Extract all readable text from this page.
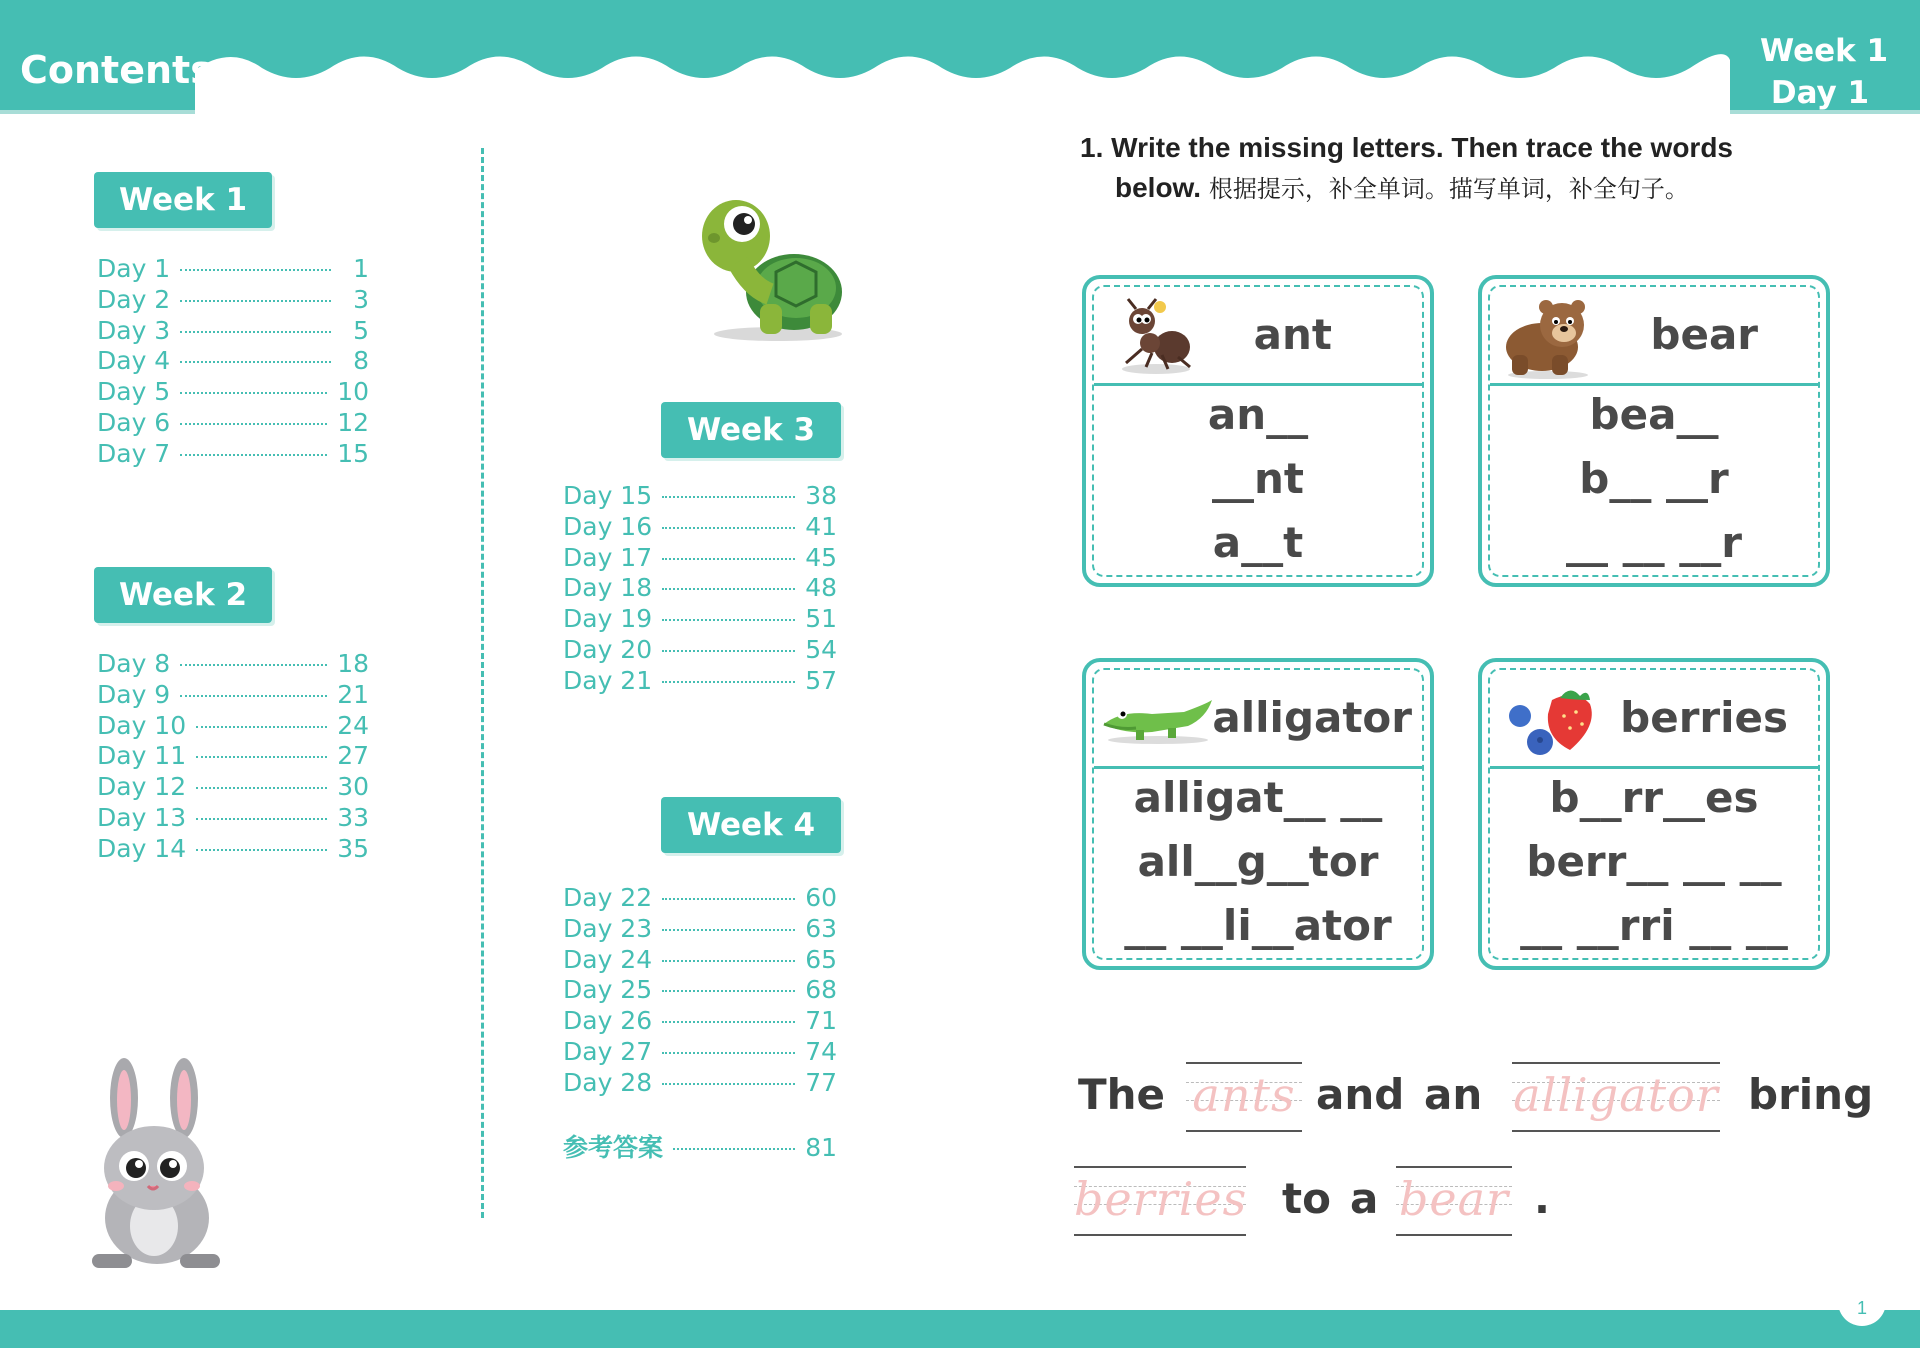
Contents	Week 1
Day 1
Week 1
Day 1	1
Day 2	3
Day 3	5
Day 4	8
Day 5	10
Day 6	12
Day 7	15
Week 2
Day 8	18
Day 9	21
Day 10	24
Day 11	27
Day 12	30
Day 13	33
Day 14	35
Week 3
Day 15	38
Day 16	41
Day 17	45
Day 18	48
Day 19	51
Day 20	54
Day 21	57
Week 4
Day 22	60
Day 23	63
Day 24	65
Day 25	68
Day 26	71
Day 27	74
Day 28	77
参考答案	81
1. Write the missing letters. Then trace the words
below. 根据提示，补全单词。描写单词，补全句子。
ant
an__
__nt
a__t
bear
bea__
b__ __r
__ __ __r
alligator
alligat__ __
all__g__tor
__ __li__ator
berries
b__rr__es
berr__ __ __
__ __rri __ __
The ants and an alligator bring
berries to a bear .
1
